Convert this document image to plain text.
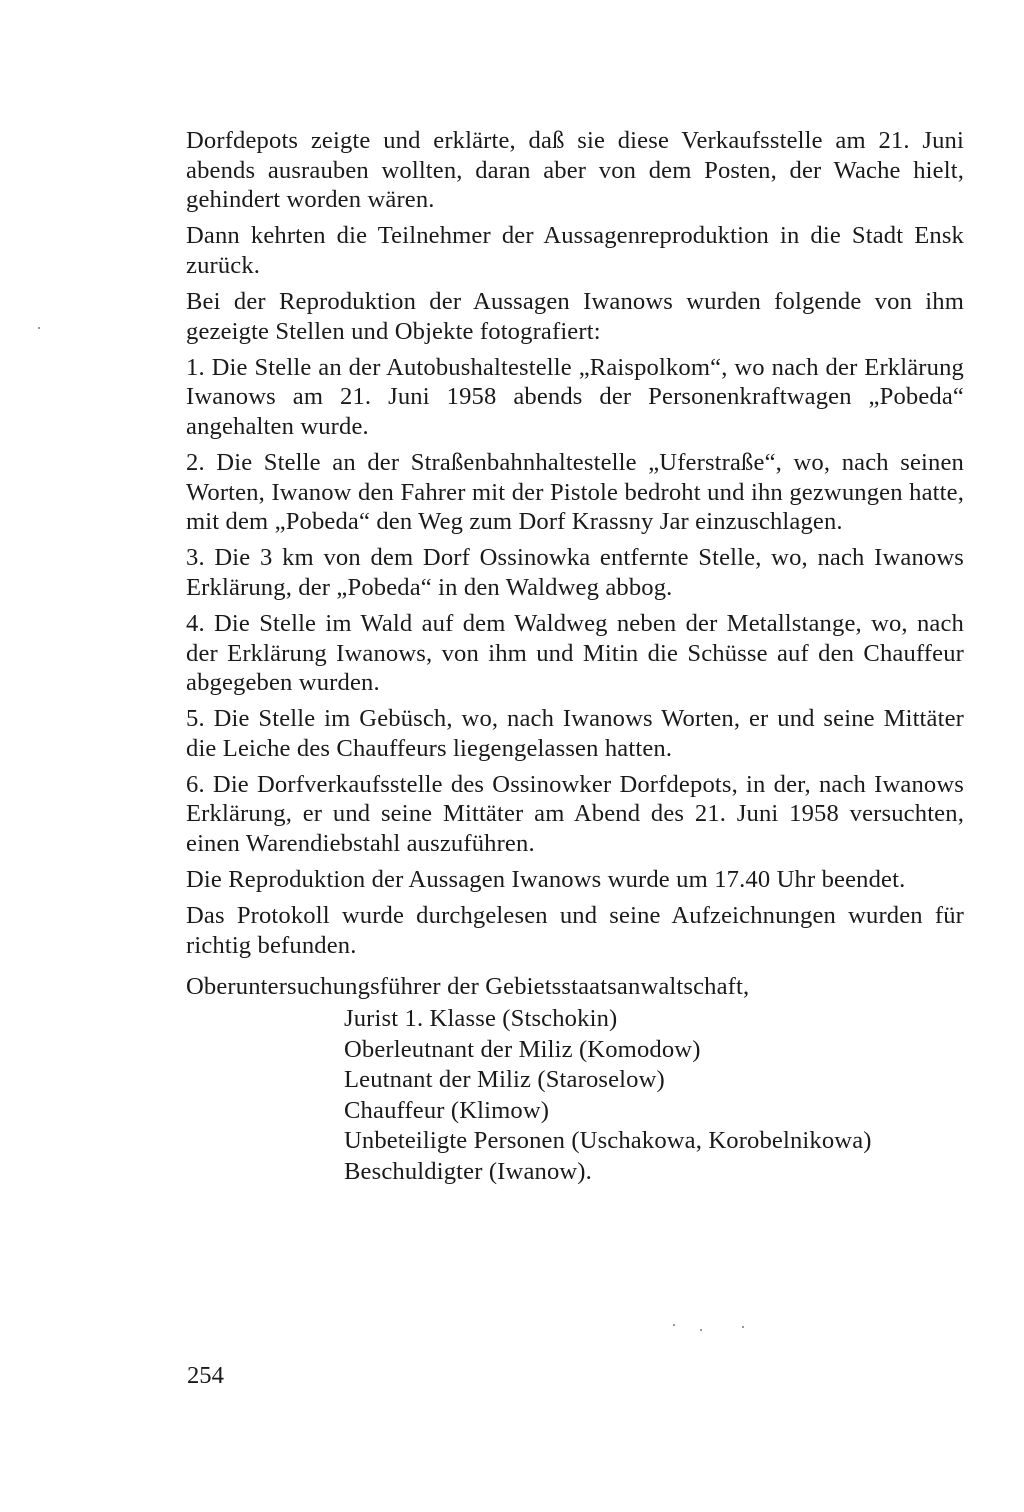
Dorfdepots zeigte und erklärte, daß sie diese Verkaufsstelle am 21. Juni abends ausrauben wollten, daran aber von dem Posten, der Wache hielt, gehindert worden wären.

Dann kehrten die Teilnehmer der Aussagenreproduktion in die Stadt Ensk zurück.

Bei der Reproduktion der Aussagen Iwanows wurden folgende von ihm gezeigte Stellen und Objekte fotografiert:

1. Die Stelle an der Autobushaltestelle „Raispolkom“, wo nach der Erklärung Iwanows am 21. Juni 1958 abends der Personenkraftwagen „Pobeda“ angehalten wurde.

2. Die Stelle an der Straßenbahnhaltestelle „Uferstraße“, wo, nach seinen Worten, Iwanow den Fahrer mit der Pistole bedroht und ihn gezwungen hatte, mit dem „Pobeda“ den Weg zum Dorf Krassny Jar einzuschlagen.

3. Die 3 km von dem Dorf Ossinowka entfernte Stelle, wo, nach Iwanows Erklärung, der „Pobeda“ in den Waldweg abbog.

4. Die Stelle im Wald auf dem Waldweg neben der Metallstange, wo, nach der Erklärung Iwanows, von ihm und Mitin die Schüsse auf den Chauffeur abgegeben wurden.

5. Die Stelle im Gebüsch, wo, nach Iwanows Worten, er und seine Mittäter die Leiche des Chauffeurs liegengelassen hatten.

6. Die Dorfverkaufsstelle des Ossinowker Dorfdepots, in der, nach Iwanows Erklärung, er und seine Mittäter am Abend des 21. Juni 1958 versuchten, einen Warendiebstahl auszuführen.

Die Reproduktion der Aussagen Iwanows wurde um 17.40 Uhr beendet.

Das Protokoll wurde durchgelesen und seine Aufzeichnungen wurden für richtig befunden.

Oberuntersuchungsführer der Gebietsstaatsanwaltschaft,

Jurist 1. Klasse (Stschokin)
Oberleutnant der Miliz (Komodow)
Leutnant der Miliz (Staroselow)
Chauffeur (Klimow)
Unbeteiligte Personen (Uschakowa, Korobelnikowa)
Beschuldigter (Iwanow).
254
